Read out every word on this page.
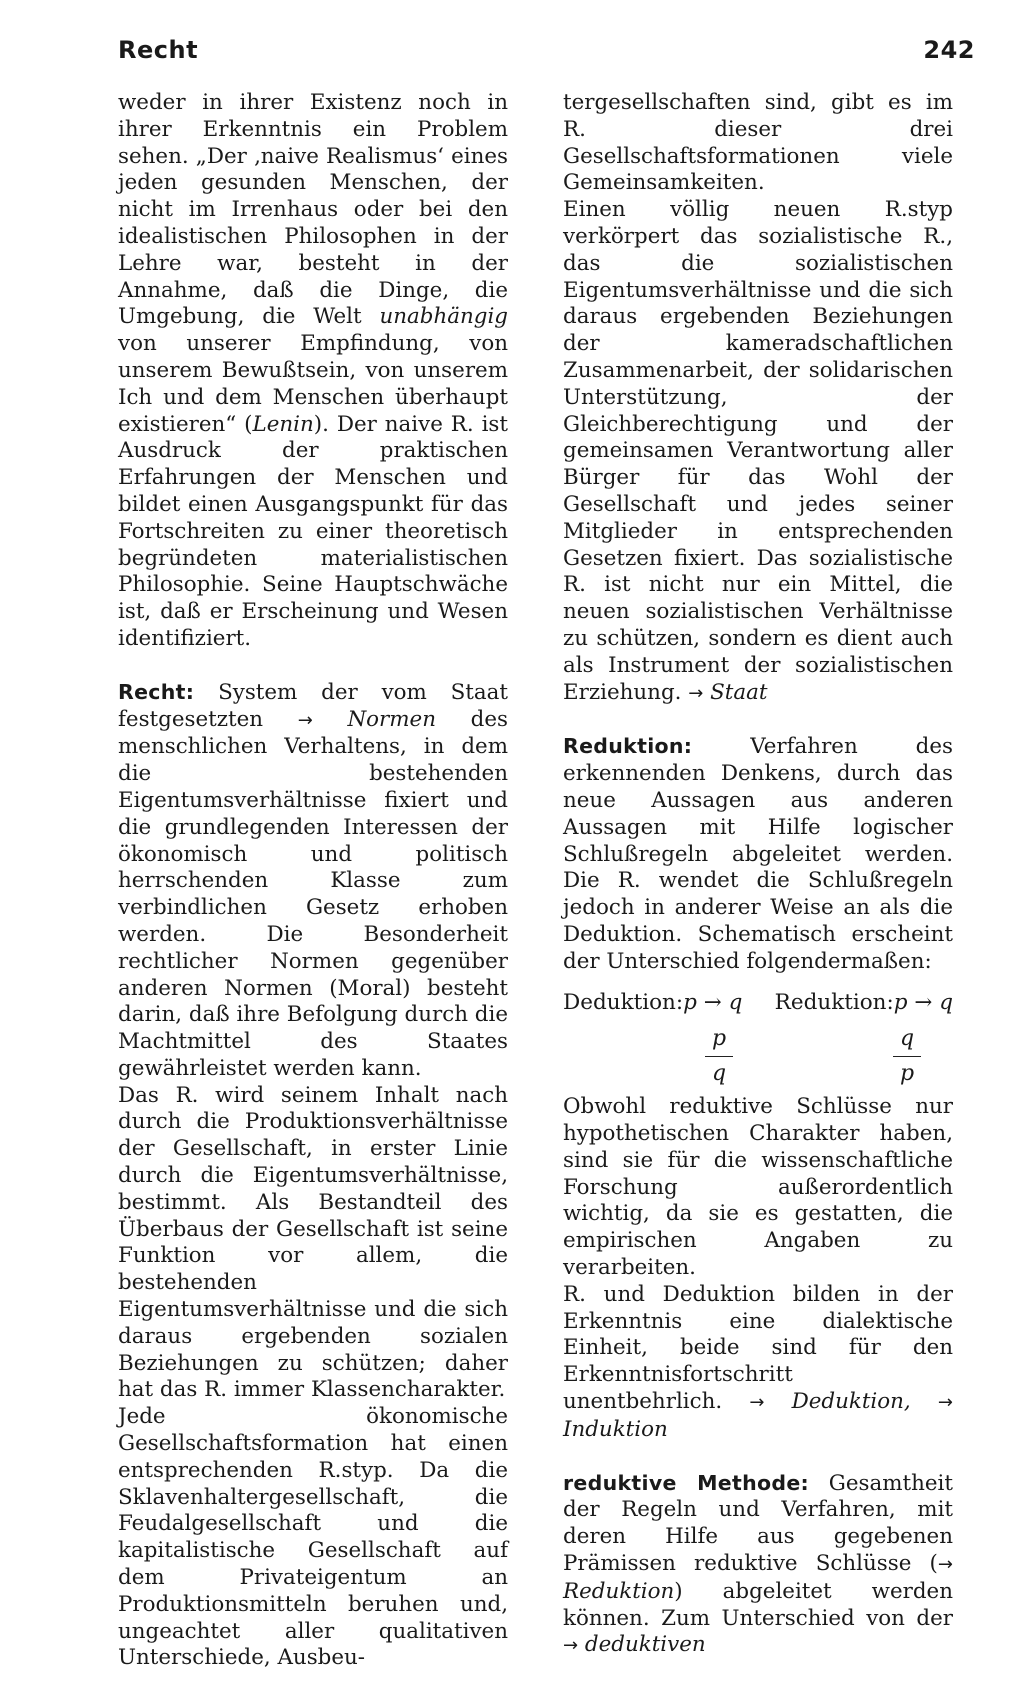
Recht	242

weder in ihrer Existenz noch in ihrer Erkenntnis ein Problem sehen. „Der ‚naive Realismus‘ eines jeden gesunden Menschen, der nicht im Irrenhaus oder bei den idealistischen Philosophen in der Lehre war, besteht in der Annahme, daß die Dinge, die Umgebung, die Welt unabhängig von unserer Empfindung, von unserem Bewußtsein, von unserem Ich und dem Menschen überhaupt existieren“ (Lenin). Der naive R. ist Ausdruck der praktischen Erfahrungen der Menschen und bildet einen Ausgangspunkt für das Fortschreiten zu einer theoretisch begründeten materialistischen Philosophie. Seine Hauptschwäche ist, daß er Erscheinung und Wesen identifiziert.

Recht: System der vom Staat festgesetzten → Normen des menschlichen Verhaltens, in dem die bestehenden Eigentumsverhältnisse fixiert und die grundlegenden Interessen der ökonomisch und politisch herrschenden Klasse zum verbindlichen Gesetz erhoben werden. Die Besonderheit rechtlicher Normen gegenüber anderen Normen (Moral) besteht darin, daß ihre Befolgung durch die Machtmittel des Staates gewährleistet werden kann.

Das R. wird seinem Inhalt nach durch die Produktionsverhältnisse der Gesellschaft, in erster Linie durch die Eigentumsverhältnisse, bestimmt. Als Bestandteil des Überbaus der Gesellschaft ist seine Funktion vor allem, die bestehenden Eigentumsverhältnisse und die sich daraus ergebenden sozialen Beziehungen zu schützen; daher hat das R. immer Klassencharakter.

Jede ökonomische Gesellschaftsformation hat einen entsprechenden R.styp. Da die Sklavenhaltergesellschaft, die Feudalgesellschaft und die kapitalistische Gesellschaft auf dem Privateigentum an Produktionsmitteln beruhen und, ungeachtet aller qualitativen Unterschiede, Ausbeu-

tergesellschaften sind, gibt es im R. dieser drei Gesellschaftsformationen viele Gemeinsamkeiten.

Einen völlig neuen R.styp verkörpert das sozialistische R., das die sozialistischen Eigentumsverhältnisse und die sich daraus ergebenden Beziehungen der kameradschaftlichen Zusammenarbeit, der solidarischen Unterstützung, der Gleichberechtigung und der gemeinsamen Verantwortung aller Bürger für das Wohl der Gesellschaft und jedes seiner Mitglieder in entsprechenden Gesetzen fixiert. Das sozialistische R. ist nicht nur ein Mittel, die neuen sozialistischen Verhältnisse zu schützen, sondern es dient auch als Instrument der sozialistischen Erziehung. → Staat

Reduktion:	Verfahren des erkennenden Denkens, durch das neue Aussagen aus anderen Aussagen mit Hilfe logischer Schlußregeln abgeleitet werden. Die R. wendet die Schlußregeln jedoch in anderer Weise an als die Deduktion. Schematisch erscheint der Unterschied folgendermaßen:

Deduktion:p → q Reduktion:p → q
$\frac{p}{q}$	$\frac{q}{p}$

Obwohl reduktive Schlüsse nur hypothetischen Charakter haben, sind sie für die wissenschaftliche Forschung außerordentlich wichtig, da sie es gestatten, die empirischen Angaben zu verarbeiten.

R. und Deduktion bilden in der Erkenntnis eine dialektische Einheit, beide sind für den Erkenntnisfortschritt unentbehrlich. → Deduktion, → Induktion

reduktive Methode: Gesamtheit der Regeln und Verfahren, mit deren Hilfe aus gegebenen Prämissen reduktive Schlüsse (→ Reduktion) abgeleitet werden können. Zum Unterschied von der → deduktiven
